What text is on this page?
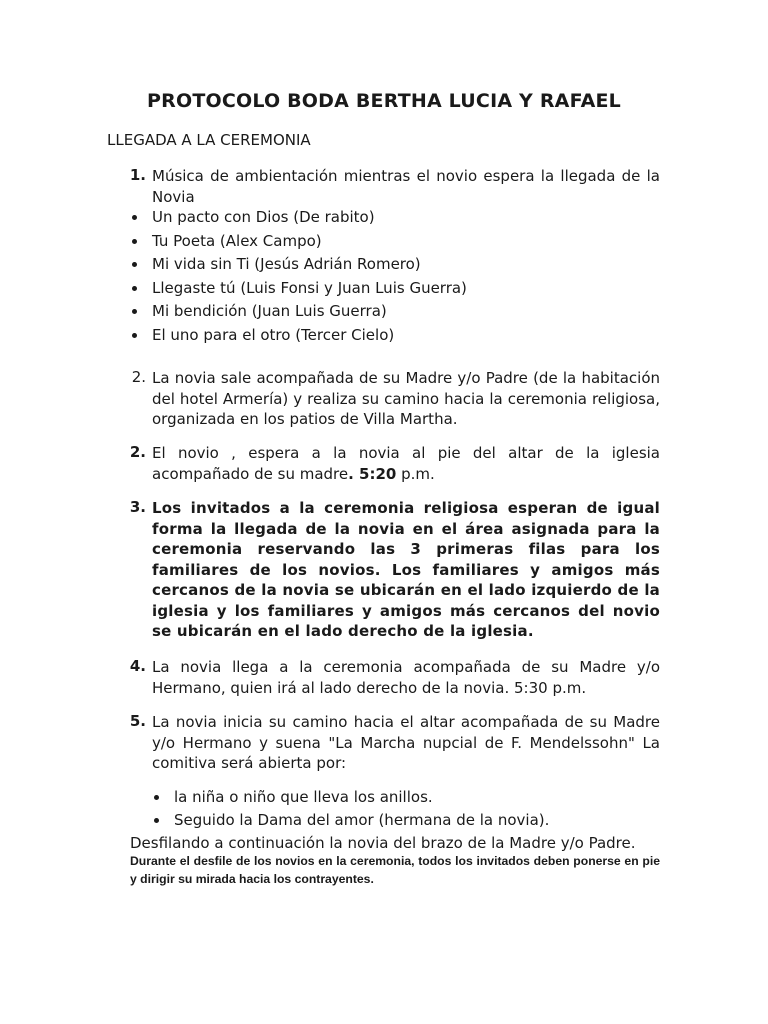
PROTOCOLO BODA BERTHA LUCIA Y RAFAEL
LLEGADA A LA CEREMONIA
1. Música de ambientación mientras el novio espera la llegada de la Novia
Un pacto con Dios (De rabito)
Tu Poeta (Alex Campo)
Mi vida sin Ti (Jesús Adrián Romero)
Llegaste tú (Luis Fonsi y Juan Luis Guerra)
Mi bendición (Juan Luis Guerra)
El uno para el otro (Tercer Cielo)
2. La novia sale acompañada de su Madre y/o Padre (de la habitación del hotel Armería) y realiza su camino hacia la ceremonia religiosa, organizada en los patios de Villa Martha.
2. El novio , espera a la novia al pie del altar de la iglesia acompañado de su madre. 5:20 p.m.
3. Los invitados a la ceremonia religiosa esperan de igual forma la llegada de la novia en el área asignada para la ceremonia reservando las 3 primeras filas para los familiares de los novios. Los familiares y amigos más cercanos de la novia se ubicarán en el lado izquierdo de la iglesia y los familiares y amigos más cercanos del novio se ubicarán en el lado derecho de la iglesia.
4. La novia llega a la ceremonia acompañada de su Madre y/o Hermano, quien irá al lado derecho de la novia. 5:30 p.m.
5. La novia inicia su camino hacia el altar acompañada de su Madre y/o Hermano y suena "La Marcha nupcial de F. Mendelssohn" La comitiva será abierta por:
la niña o niño que lleva los anillos.
Seguido la Dama del amor (hermana de la novia).
Desfilando a continuación la novia del brazo de la Madre y/o Padre.
Durante el desfile de los novios en la ceremonia, todos los invitados deben ponerse en pie y dirigir su mirada hacia los contrayentes.
